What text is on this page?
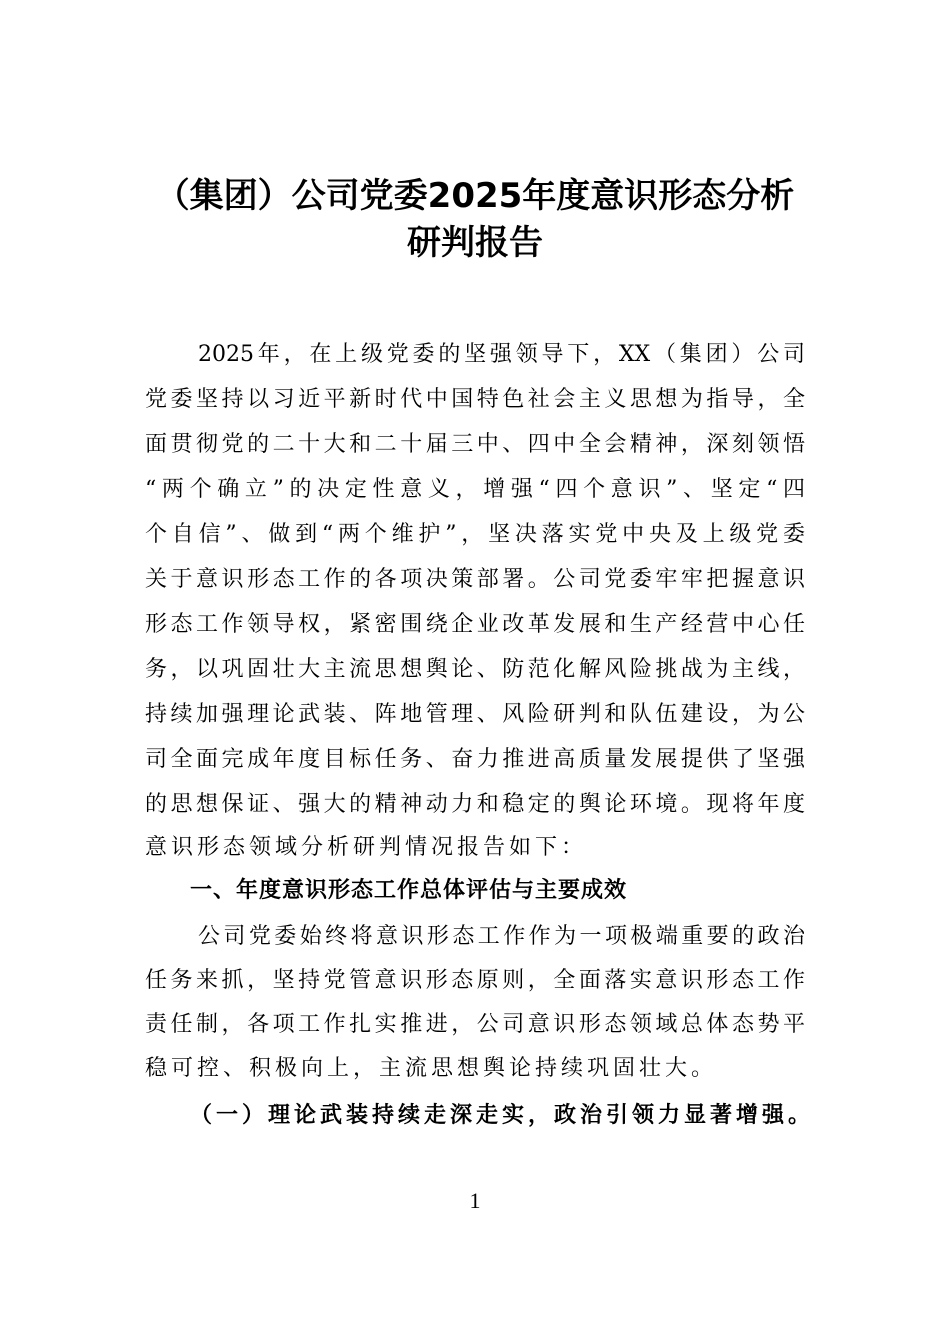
（集团）公司党委2025年度意识形态分析
研判报告
2025年，在上级党委的坚强领导下，XX（集团）公司
党委坚持以习近平新时代中国特色社会主义思想为指导，全
面贯彻党的二十大和二十届三中、四中全会精神，深刻领悟
“两个确立”的决定性意义，增强“四个意识”、坚定“四
个自信”、做到“两个维护”，坚决落实党中央及上级党委
关于意识形态工作的各项决策部署。公司党委牢牢把握意识
形态工作领导权，紧密围绕企业改革发展和生产经营中心任
务，以巩固壮大主流思想舆论、防范化解风险挑战为主线，
持续加强理论武装、阵地管理、风险研判和队伍建设，为公
司全面完成年度目标任务、奋力推进高质量发展提供了坚强
的思想保证、强大的精神动力和稳定的舆论环境。现将年度
意识形态领域分析研判情况报告如下：
一、年度意识形态工作总体评估与主要成效
公司党委始终将意识形态工作作为一项极端重要的政治
任务来抓，坚持党管意识形态原则，全面落实意识形态工作
责任制，各项工作扎实推进，公司意识形态领域总体态势平
稳可控、积极向上，主流思想舆论持续巩固壮大。
（一）理论武装持续走深走实，政治引领力显著增强。
1
